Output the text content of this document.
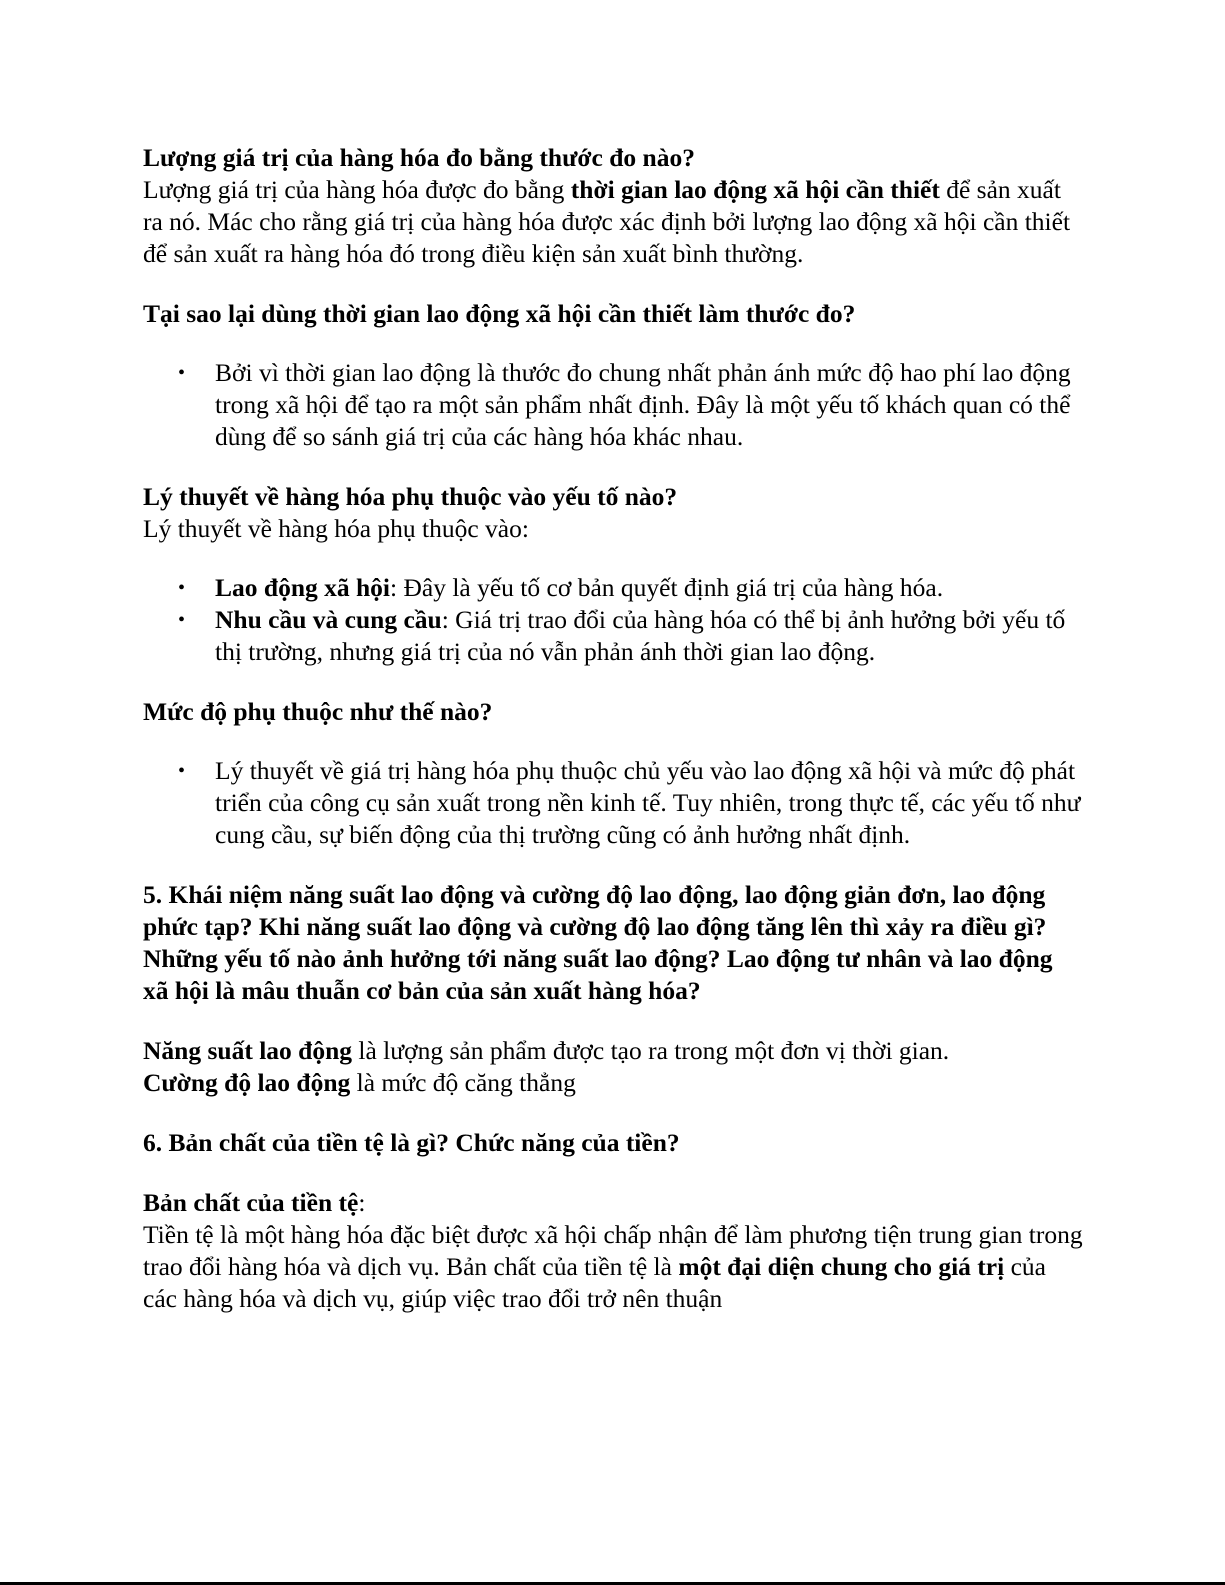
Lượng giá trị của hàng hóa đo bằng thước đo nào?

Lượng giá trị của hàng hóa được đo bằng thời gian lao động xã hội cần thiết để sản xuất ra nó. Mác cho rằng giá trị của hàng hóa được xác định bởi lượng lao động xã hội cần thiết để sản xuất ra hàng hóa đó trong điều kiện sản xuất bình thường.

Tại sao lại dùng thời gian lao động xã hội cần thiết làm thước đo?

• Bởi vì thời gian lao động là thước đo chung nhất phản ánh mức độ hao phí lao động trong xã hội để tạo ra một sản phẩm nhất định. Đây là một yếu tố khách quan có thể dùng để so sánh giá trị của các hàng hóa khác nhau.

Lý thuyết về hàng hóa phụ thuộc vào yếu tố nào?

Lý thuyết về hàng hóa phụ thuộc vào:

• Lao động xã hội: Đây là yếu tố cơ bản quyết định giá trị của hàng hóa.
• Nhu cầu và cung cầu: Giá trị trao đổi của hàng hóa có thể bị ảnh hưởng bởi yếu tố thị trường, nhưng giá trị của nó vẫn phản ánh thời gian lao động.

Mức độ phụ thuộc như thế nào?

• Lý thuyết về giá trị hàng hóa phụ thuộc chủ yếu vào lao động xã hội và mức độ phát triển của công cụ sản xuất trong nền kinh tế. Tuy nhiên, trong thực tế, các yếu tố như cung cầu, sự biến động của thị trường cũng có ảnh hưởng nhất định.

5. Khái niệm năng suất lao động và cường độ lao động, lao động giản đơn, lao động phức tạp? Khi năng suất lao động và cường độ lao động tăng lên thì xảy ra điều gì? Những yếu tố nào ảnh hưởng tới năng suất lao động? Lao động tư nhân và lao động xã hội là mâu thuẫn cơ bản của sản xuất hàng hóa?

Năng suất lao động là lượng sản phẩm được tạo ra trong một đơn vị thời gian.

Cường độ lao động là mức độ căng thẳng

6. Bản chất của tiền tệ là gì? Chức năng của tiền?

Bản chất của tiền tệ:

Tiền tệ là một hàng hóa đặc biệt được xã hội chấp nhận để làm phương tiện trung gian trong trao đổi hàng hóa và dịch vụ. Bản chất của tiền tệ là một đại diện chung cho giá trị của các hàng hóa và dịch vụ, giúp việc trao đổi trở nên thuận
